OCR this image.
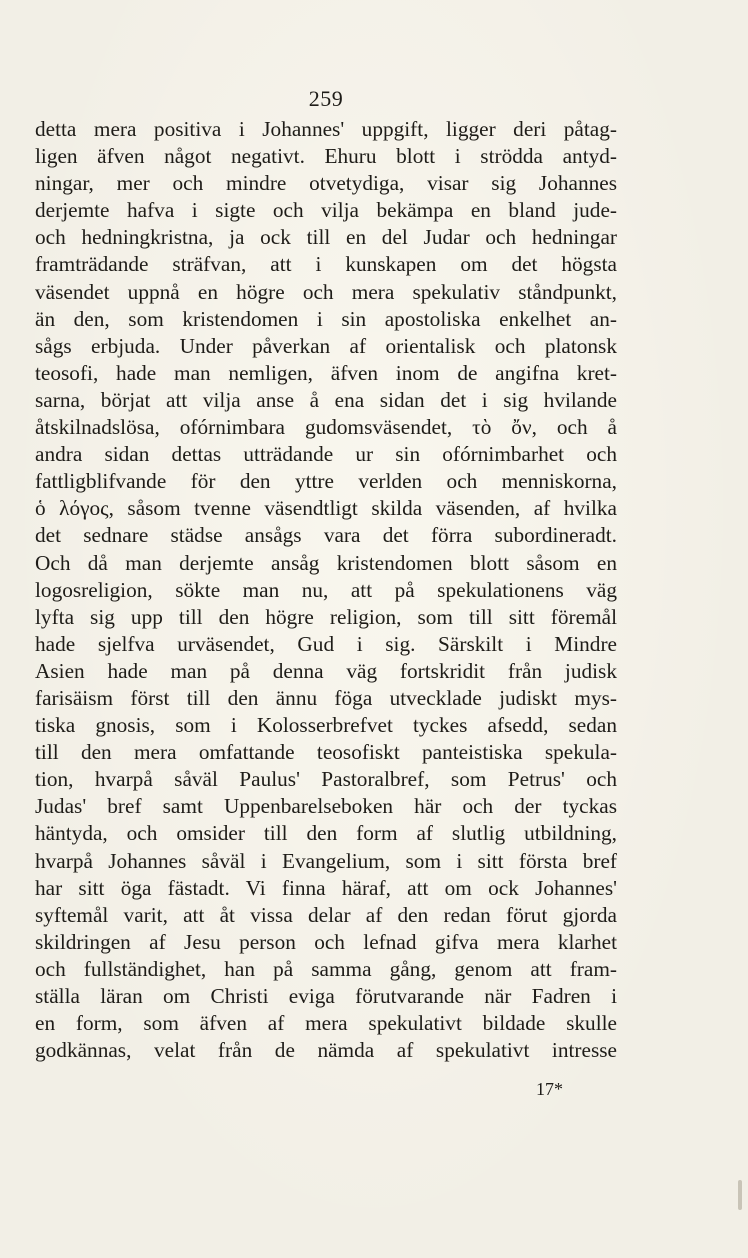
259
detta mera positiva i Johannes' uppgift, ligger deri påtag-
ligen äfven något negativt. Ehuru blott i strödda antyd-
ningar, mer och mindre otvetydiga, visar sig Johannes
derjemte hafva i sigte och vilja bekämpa en bland jude-
och hedningkristna, ja ock till en del Judar och hedningar
framträdande sträfvan, att i kunskapen om det högsta
väsendet uppnå en högre och mera spekulativ ståndpunkt,
än den, som kristendomen i sin apostoliska enkelhet an-
sågs erbjuda. Under påverkan af orientalisk och platonsk
teosofi, hade man nemligen, äfven inom de angifna kret-
sarna, börjat att vilja anse å ena sidan det i sig hvilande
åtskilnadslösa, ofórnimbara gudomsväsendet, τὸ ὄν, och å
andra sidan dettas utträdande ur sin ofórnimbarhet och
fattligblifvande för den yttre verlden och menniskorna,
ὁ λόγος, såsom tvenne väsendtligt skilda väsenden, af hvilka
det sednare städse ansågs vara det förra subordineradt.
Och då man derjemte ansåg kristendomen blott såsom en
logosreligion, sökte man nu, att på spekulationens väg
lyfta sig upp till den högre religion, som till sitt föremål
hade sjelfva urväsendet, Gud i sig. Särskilt i Mindre
Asien hade man på denna väg fortskridit från judisk
farisäism först till den ännu föga utvecklade judiskt mys-
tiska gnosis, som i Kolosserbrefvet tyckes afsedd, sedan
till den mera omfattande teosofiskt panteistiska spekula-
tion, hvarpå såväl Paulus' Pastoralbref, som Petrus' och
Judas' bref samt Uppenbarelseboken här och der tyckas
häntyda, och omsider till den form af slutlig utbildning,
hvarpå Johannes såväl i Evangelium, som i sitt första bref
har sitt öga fästadt. Vi finna häraf, att om ock Johannes'
syftemål varit, att åt vissa delar af den redan förut gjorda
skildringen af Jesu person och lefnad gifva mera klarhet
och fullständighet, han på samma gång, genom att fram-
ställa läran om Christi eviga förutvarande när Fadren i
en form, som äfven af mera spekulativt bildade skulle
godkännas, velat från de nämda af spekulativt intresse
17*
